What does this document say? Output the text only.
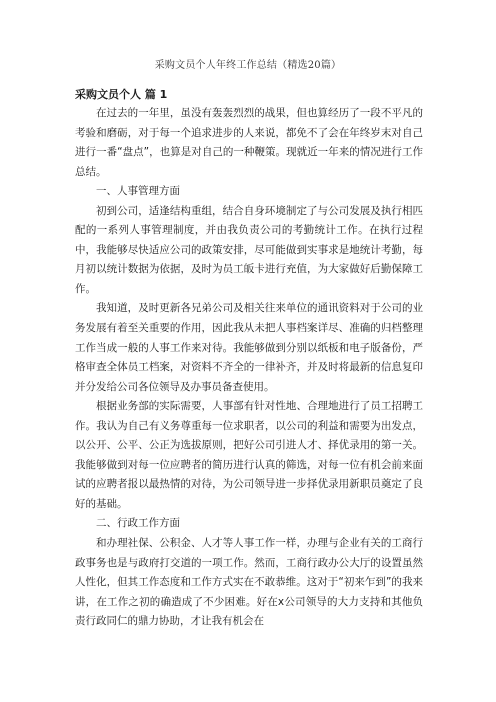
采购文员个人年终工作总结（精选20篇）
采购文员个人 篇 1

在过去的一年里，虽没有轰轰烈烈的战果，但也算经历了一段不平凡的考验和磨砺，对于每一个追求进步的人来说，都免不了会在年终岁末对自己进行一番“盘点”，也算是对自己的一种鞭策。现就近一年来的情况进行工作总结。

一、人事管理方面

初到公司，适逢结构重组，结合自身环境制定了与公司发展及执行相匹配的一系列人事管理制度，并由我负责公司的考勤统计工作。在执行过程中，我能够尽快适应公司的政策安排，尽可能做到实事求是地统计考勤，每月初以统计数据为依据，及时为员工皈卡进行充值，为大家做好后勤保障工作。

我知道，及时更新各兄弟公司及相关往来单位的通讯资料对于公司的业务发展有着至关重要的作用，因此我从未把人事档案详尽、准确的归档整理工作当成一般的人事工作来对待。我能够做到分别以纸板和电子版备份，严格审查全体员工档案，对资料不齐全的一律补齐，并及时将最新的信息复印并分发给公司各位领导及办事员备查使用。

根据业务部的实际需要，人事部有针对性地、合理地进行了员工招聘工作。我认为自己有义务尊重每一位求职者，以公司的利益和需要为出发点，以公开、公平、公正为选拔原则，把好公司引进人才、择优录用的第一关。我能够做到对每一位应聘者的简历进行认真的筛选，对每一位有机会前来面试的应聘者报以最热情的对待，为公司领导进一步择优录用新职员奠定了良好的基础。

二、行政工作方面

和办理社保、公积金、人才等人事工作一样，办理与企业有关的工商行政事务也是与政府打交道的一项工作。然而，工商行政办公大厅的设置虽然人性化，但其工作态度和工作方式实在不敢恭维。这对于“初来乍到”的我来讲，在工作之初的确造成了不少困难。好在x公司领导的大力支持和其他负责行政同仁的鼎力协助，才让我有机会在
